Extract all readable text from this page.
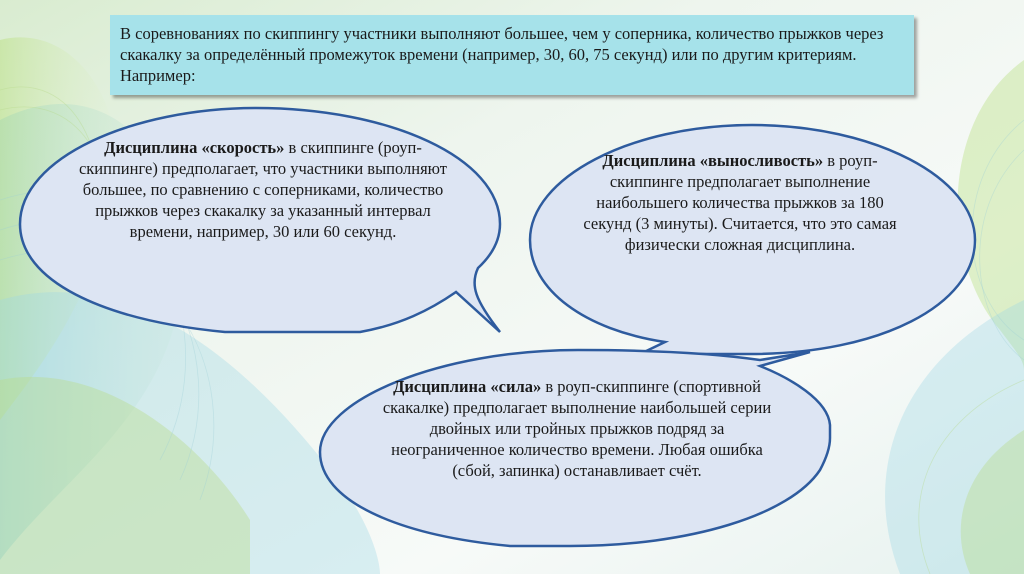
В соревнованиях по скиппингу участники выполняют большее, чем у соперника, количество прыжков через скакалку за определённый промежуток времени (например, 30, 60, 75 секунд) или по другим критериям. Например:
Дисциплина «скорость» в скиппинге (роуп-скиппинге) предполагает, что участники выполняют большее, по сравнению с соперниками, количество прыжков через скакалку за указанный интервал времени, например, 30 или 60 секунд.
Дисциплина «выносливость» в роуп-скиппинге предполагает выполнение наибольшего количества прыжков за 180 секунд (3 минуты). Считается, что это самая физически сложная дисциплина.
Дисциплина «сила» в роуп-скиппинге (спортивной скакалке) предполагает выполнение наибольшей серии двойных или тройных прыжков подряд за неограниченное количество времени. Любая ошибка (сбой, запинка) останавливает счёт.
